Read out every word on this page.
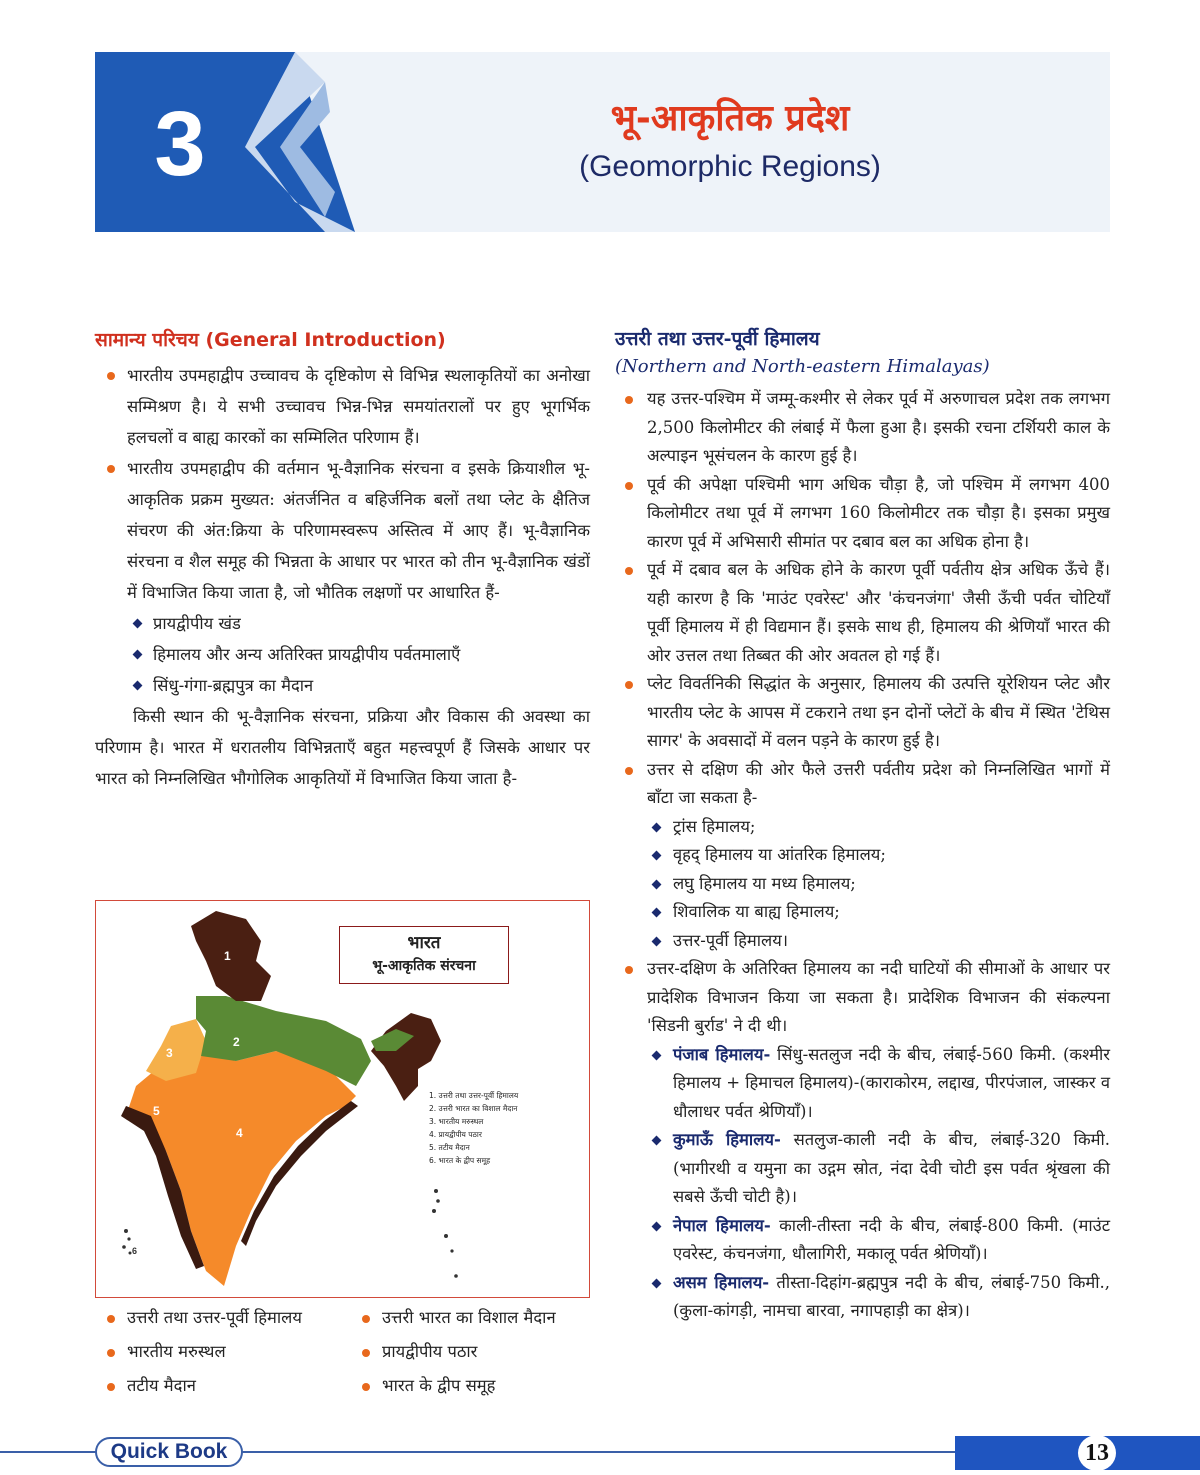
3	भू-आकृतिक प्रदेश
(Geomorphic Regions)

सामान्य परिचय (General Introduction)

भारतीय उपमहाद्वीप उच्चावच के दृष्टिकोण से विभिन्न स्थलाकृतियों का अनोखा सम्मिश्रण है। ये सभी उच्चावच भिन्न-भिन्न समयांतरालों पर हुए भूगर्भिक हलचलों व बाह्य कारकों का सम्मिलित परिणाम हैं।

भारतीय उपमहाद्वीप की वर्तमान भू-वैज्ञानिक संरचना व इसके क्रियाशील भू-आकृतिक प्रक्रम मुख्यत: अंतर्जनित व बहिर्जनिक बलों तथा प्लेट के क्षैतिज संचरण की अंत:क्रिया के परिणामस्वरूप अस्तित्व में आए हैं। भू-वैज्ञानिक संरचना व शैल समूह की भिन्नता के आधार पर भारत को तीन भू-वैज्ञानिक खंडों में विभाजित किया जाता है, जो भौतिक लक्षणों पर आधारित हैं-

प्रायद्वीपीय खंड

हिमालय और अन्य अतिरिक्त प्रायद्वीपीय पर्वतमालाएँ

सिंधु-गंगा-ब्रह्मपुत्र का मैदान

किसी स्थान की भू-वैज्ञानिक संरचना, प्रक्रिया और विकास की अवस्था का परिणाम है। भारत में धरातलीय विभिन्नताएँ बहुत महत्त्वपूर्ण हैं जिसके आधार पर भारत को निम्नलिखित भौगोलिक आकृतियों में विभाजित किया जाता है-

1
2
3
4
5
6
भारत
भू-आकृतिक संरचना
1. उत्तरी तथा उत्तर-पूर्वी हिमालय
2. उत्तरी भारत का विशाल मैदान
3. भारतीय मरुस्थल
4. प्रायद्वीपीय पठार
5. तटीय मैदान
6. भारत के द्वीप समूह
उत्तरी तथा उत्तर-पूर्वी हिमालय	उत्तरी भारत का विशाल मैदान
भारतीय मरुस्थल	प्रायद्वीपीय पठार
तटीय मैदान	भारत के द्वीप समूह

उत्तरी तथा उत्तर-पूर्वी हिमालय

(Northern and North-eastern Himalayas)

यह उत्तर-पश्चिम में जम्मू-कश्मीर से लेकर पूर्व में अरुणाचल प्रदेश तक लगभग 2,500 किलोमीटर की लंबाई में फैला हुआ है। इसकी रचना टर्शियरी काल के अल्पाइन भूसंचलन के कारण हुई है।

पूर्व की अपेक्षा पश्चिमी भाग अधिक चौड़ा है, जो पश्चिम में लगभग 400 किलोमीटर तथा पूर्व में लगभग 160 किलोमीटर तक चौड़ा है। इसका प्रमुख कारण पूर्व में अभिसारी सीमांत पर दबाव बल का अधिक होना है।

पूर्व में दबाव बल के अधिक होने के कारण पूर्वी पर्वतीय क्षेत्र अधिक ऊँचे हैं। यही कारण है कि 'माउंट एवरेस्ट' और 'कंचनजंगा' जैसी ऊँची पर्वत चोटियाँ पूर्वी हिमालय में ही विद्यमान हैं। इसके साथ ही, हिमालय की श्रेणियाँ भारत की ओर उत्तल तथा तिब्बत की ओर अवतल हो गई हैं।

प्लेट विवर्तनिकी सिद्धांत के अनुसार, हिमालय की उत्पत्ति यूरेशियन प्लेट और भारतीय प्लेट के आपस में टकराने तथा इन दोनों प्लेटों के बीच में स्थित 'टेथिस सागर' के अवसादों में वलन पड़ने के कारण हुई है।

उत्तर से दक्षिण की ओर फैले उत्तरी पर्वतीय प्रदेश को निम्नलिखित भागों में बाँटा जा सकता है-

ट्रांस हिमालय;

वृहद् हिमालय या आंतरिक हिमालय;

लघु हिमालय या मध्य हिमालय;

शिवालिक या बाह्य हिमालय;

उत्तर-पूर्वी हिमालय।

उत्तर-दक्षिण के अतिरिक्त हिमालय का नदी घाटियों की सीमाओं के आधार पर प्रादेशिक विभाजन किया जा सकता है। प्रादेशिक विभाजन की संकल्पना 'सिडनी बुर्राड' ने दी थी।

पंजाब हिमालय- सिंधु-सतलुज नदी के बीच, लंबाई-560 किमी. (कश्मीर हिमालय + हिमाचल हिमालय)-(काराकोरम, लद्दाख, पीरपंजाल, जास्कर व धौलाधर पर्वत श्रेणियाँ)।

कुमाऊँ हिमालय- सतलुज-काली नदी के बीच, लंबाई-320 किमी. (भागीरथी व यमुना का उद्गम स्रोत, नंदा देवी चोटी इस पर्वत श्रृंखला की सबसे ऊँची चोटी है)।

नेपाल हिमालय- काली-तीस्ता नदी के बीच, लंबाई-800 किमी. (माउंट एवरेस्ट, कंचनजंगा, धौलागिरी, मकालू पर्वत श्रेणियाँ)।

असम हिमालय- तीस्ता-दिहांग-ब्रह्मपुत्र नदी के बीच, लंबाई-750 किमी., (कुला-कांगड़ी, नामचा बारवा, नगापहाड़ी का क्षेत्र)।

Quick Book	13
